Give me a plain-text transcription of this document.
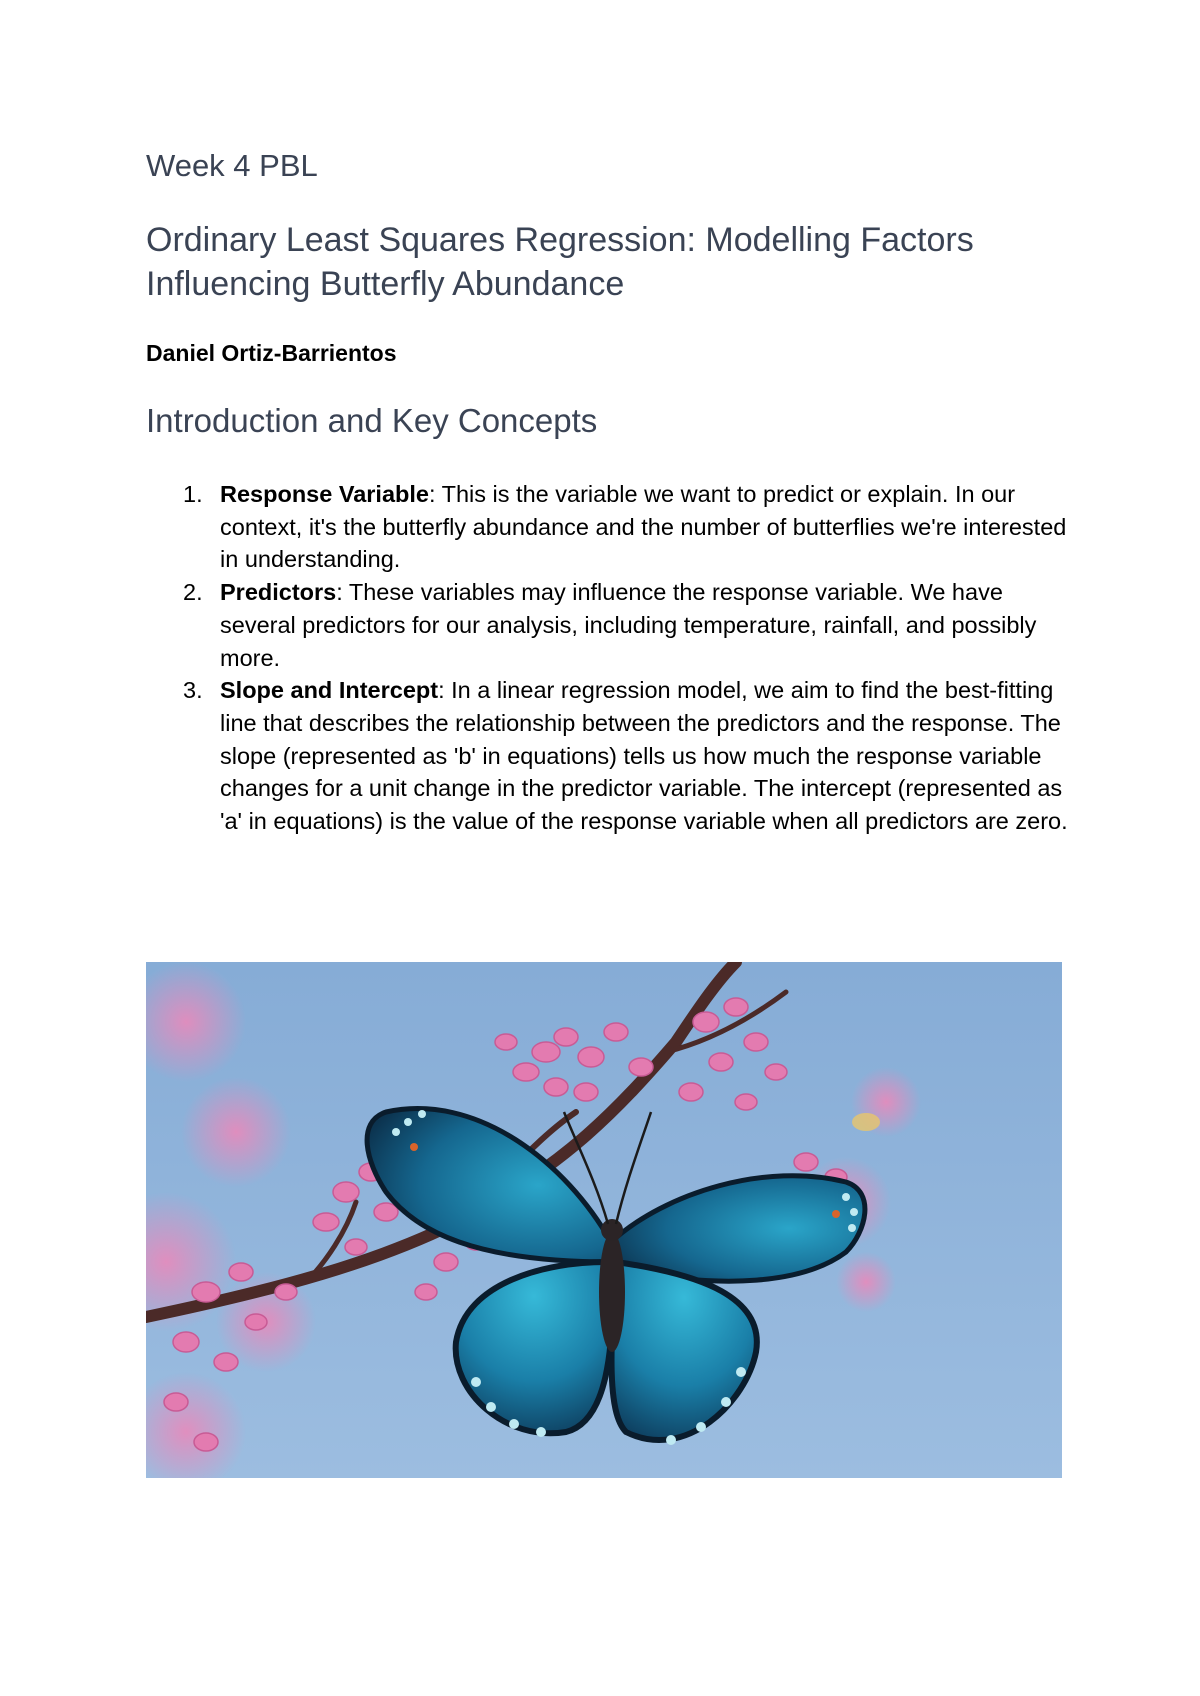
Week 4 PBL
Ordinary Least Squares Regression: Modelling Factors Influencing Butterfly Abundance

Daniel Ortiz-Barrientos

Introduction and Key Concepts
1. Response Variable: This is the variable we want to predict or explain. In our context, it's the butterfly abundance and the number of butterflies we're interested in understanding.
2. Predictors: These variables may influence the response variable. We have several predictors for our analysis, including temperature, rainfall, and possibly more.
3. Slope and Intercept: In a linear regression model, we aim to find the best-fitting line that describes the relationship between the predictors and the response. The slope (represented as 'b' in equations) tells us how much the response variable changes for a unit change in the predictor variable. The intercept (represented as 'a' in equations) is the value of the response variable when all predictors are zero.
